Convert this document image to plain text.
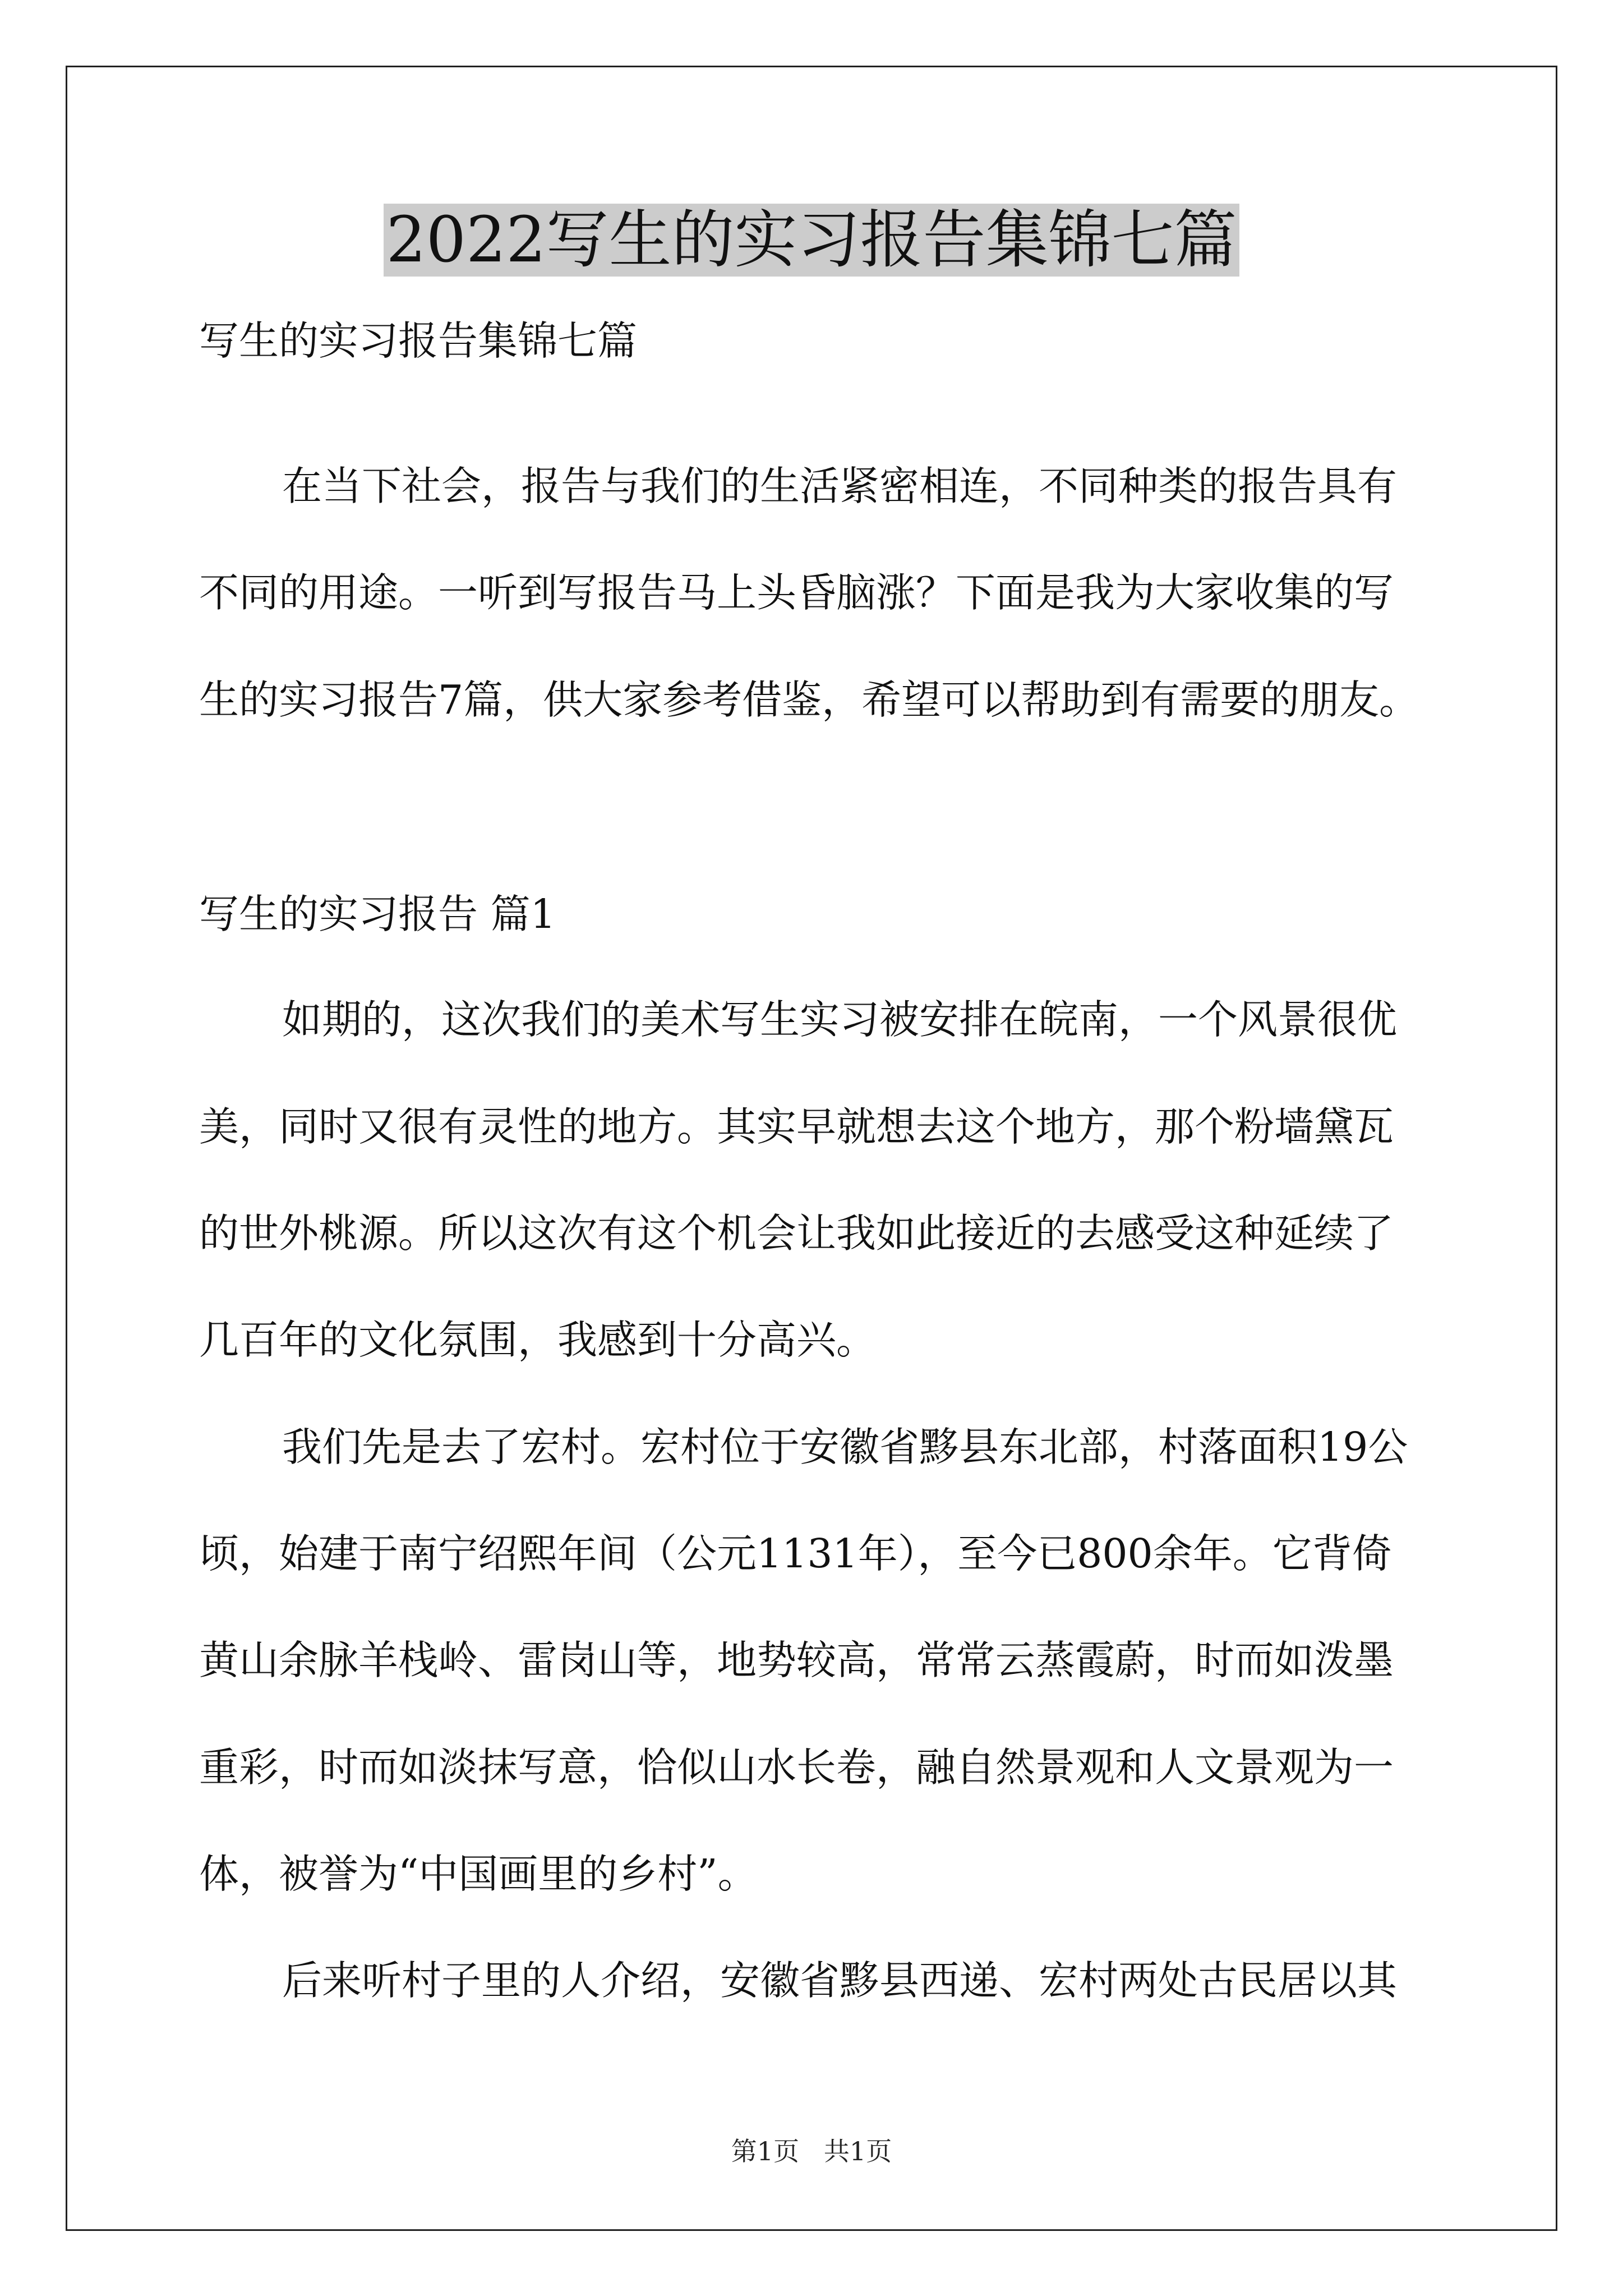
2022写生的实习报告集锦七篇

写生的实习报告集锦七篇

在当下社会，报告与我们的生活紧密相连，不同种类的报告具有

不同的用途。一听到写报告马上头昏脑涨？下面是我为大家收集的写

生的实习报告7篇，供大家参考借鉴，希望可以帮助到有需要的朋友。

写生的实习报告 篇1

如期的，这次我们的美术写生实习被安排在皖南，一个风景很优

美，同时又很有灵性的地方。其实早就想去这个地方，那个粉墙黛瓦

的世外桃源。所以这次有这个机会让我如此接近的去感受这种延续了

几百年的文化氛围，我感到十分高兴。

我们先是去了宏村。宏村位于安徽省黟县东北部，村落面积19公

顷，始建于南宁绍熙年间（公元1131年），至今已800余年。它背倚

黄山余脉羊栈岭、雷岗山等，地势较高，常常云蒸霞蔚，时而如泼墨

重彩，时而如淡抹写意，恰似山水长卷，融自然景观和人文景观为一

体，被誉为“中国画里的乡村”。

后来听村子里的人介绍，安徽省黟县西递、宏村两处古民居以其

第1页   共1页
